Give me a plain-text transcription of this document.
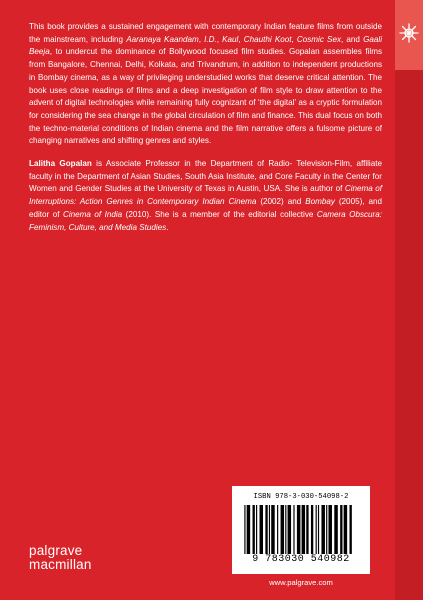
This book provides a sustained engagement with contemporary Indian feature films from outside the mainstream, including Aaranaya Kaandam, I.D., Kaul, Chauthi Koot, Cosmic Sex, and Gaali Beeja, to undercut the dominance of Bollywood focused film studies. Gopalan assembles films from Bangalore, Chennai, Delhi, Kolkata, and Trivandrum, in addition to independent productions in Bombay cinema, as a way of privileging understudied works that deserve critical attention. The book uses close readings of films and a deep investigation of film style to draw attention to the advent of digital technologies while remaining fully cognizant of ‘the digital’ as a cryptic formulation for considering the sea change in the global circulation of film and finance. This dual focus on both the techno-material conditions of Indian cinema and the film narrative offers a fulsome picture of changing narratives and shifting genres and styles.

Lalitha Gopalan is Associate Professor in the Department of Radio- Television-Film, affiliate faculty in the Department of Asian Studies, South Asia Institute, and Core Faculty in the Center for Women and Gender Studies at the University of Texas in Austin, USA. She is author of Cinema of Interruptions: Action Genres in Contemporary Indian Cinema (2002) and Bombay (2005), and editor of Cinema of India (2010). She is a member of the editorial collective Camera Obscura: Feminism, Culture, and Media Studies.

palgrave
macmillan
ISBN 978-3-030-54098-2
9 783030 540982
www.palgrave.com
